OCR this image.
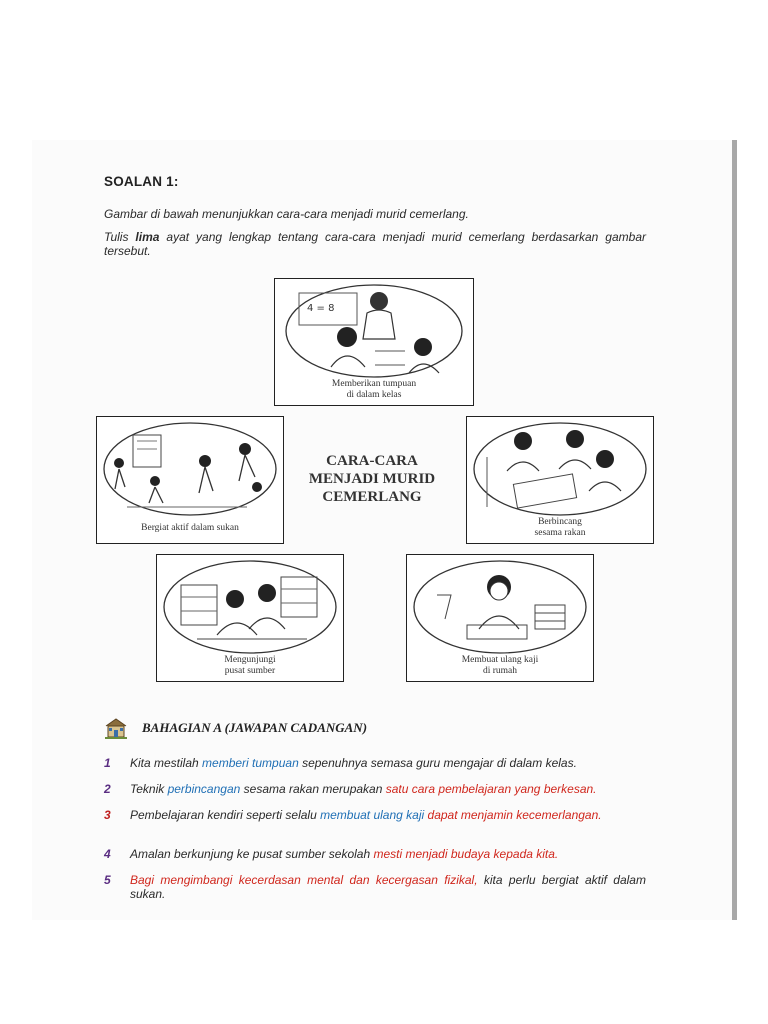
SOALAN 1:
Gambar di bawah menunjukkan cara-cara menjadi murid cemerlang.
Tulis lima ayat yang lengkap tentang cara-cara menjadi murid cemerlang berdasarkan gambar tersebut.
4 = 8
Memberikan tumpuan
di dalam kelas
Bergiat aktif dalam sukan
CARA-CARA
MENJADI MURID
CEMERLANG
Berbincang
sesama rakan
Mengunjungi
pusat sumber
Membuat ulang kaji
di rumah
BAHAGIAN A (JAWAPAN CADANGAN)
1 Kita mestilah memberi tumpuan sepenuhnya semasa guru mengajar di dalam kelas.
2 Teknik perbincangan sesama rakan merupakan satu cara pembelajaran yang berkesan.
3 Pembelajaran kendiri seperti selalu membuat ulang kaji dapat menjamin kecemerlangan.
4 Amalan berkunjung ke pusat sumber sekolah mesti menjadi budaya kepada kita.
5 Bagi mengimbangi kecerdasan mental dan kecergasan fizikal, kita perlu bergiat aktif dalam sukan.
